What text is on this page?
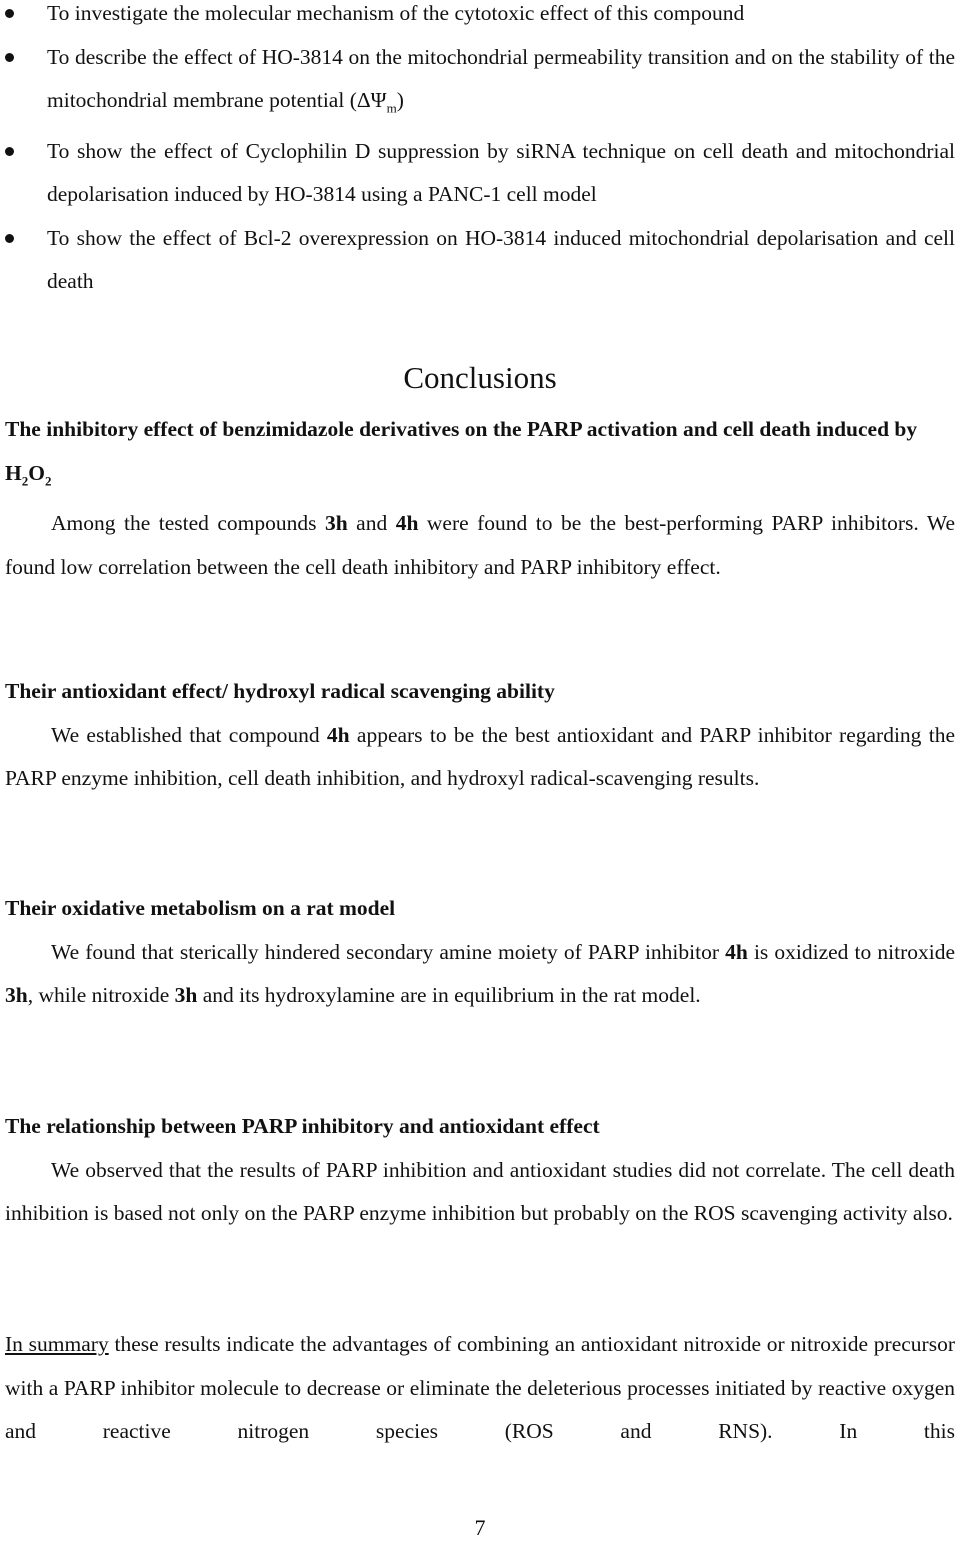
To investigate the molecular mechanism of the cytotoxic effect of this compound
To describe the effect of HO-3814 on the mitochondrial permeability transition and on the stability of the mitochondrial membrane potential $(\Delta\Psi_m)$
To show the effect of Cyclophilin D suppression by siRNA technique on cell death and mitochondrial depolarisation induced by HO-3814 using a PANC-1 cell model
To show the effect of Bcl-2 overexpression on HO-3814 induced mitochondrial depolarisation and cell death
Conclusions

The inhibitory effect of benzimidazole derivatives on the PARP activation and cell death induced by $H_2O_2$

Among the tested compounds 3h and 4h were found to be the best-performing PARP inhibitors. We found low correlation between the cell death inhibitory and PARP inhibitory effect.

Their antioxidant effect/ hydroxyl radical scavenging ability

We established that compound 4h appears to be the best antioxidant and PARP inhibitor regarding the PARP enzyme inhibition, cell death inhibition, and hydroxyl radical-scavenging results.

Their oxidative metabolism on a rat model

We found that sterically hindered secondary amine moiety of PARP inhibitor 4h is oxidized to nitroxide 3h, while nitroxide 3h and its hydroxylamine are in equilibrium in the rat model.

The relationship between PARP inhibitory and antioxidant effect

We observed that the results of PARP inhibition and antioxidant studies did not correlate. The cell death inhibition is based not only on the PARP enzyme inhibition but probably on the ROS scavenging activity also.

In summary these results indicate the advantages of combining an antioxidant nitroxide or nitroxide precursor with a PARP inhibitor molecule to decrease or eliminate the deleterious processes initiated by reactive oxygen and reactive nitrogen species (ROS and RNS). In this

7
